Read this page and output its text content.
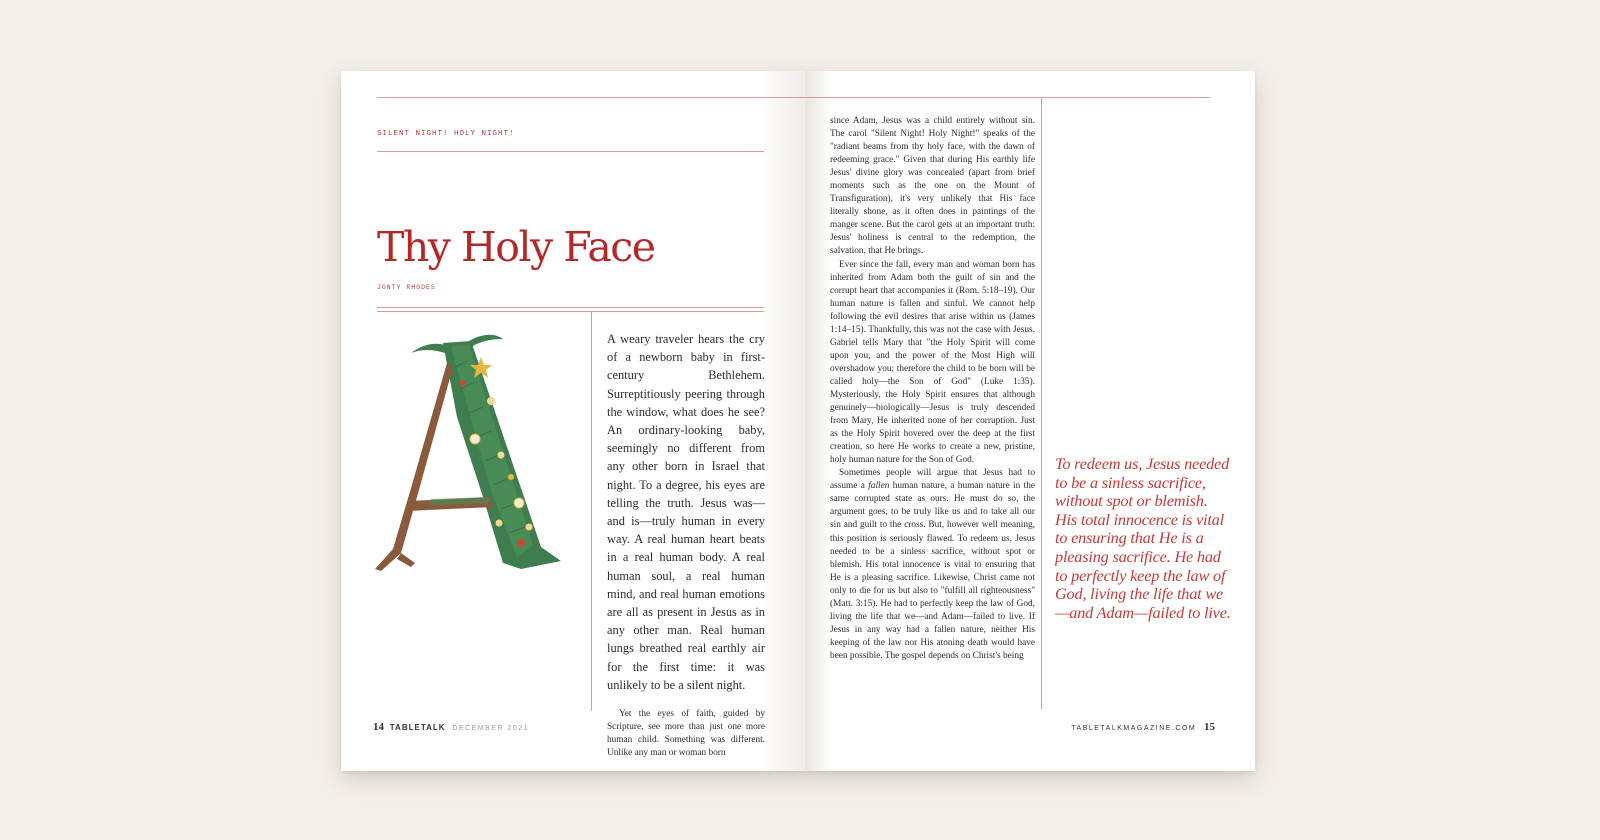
SILENT NIGHT! HOLY NIGHT!
Thy Holy Face
JONTY RHODES

A weary traveler hears the cry of a newborn baby in first-century Bethlehem. Surreptitiously peering through the window, what does he see? An ordinary-looking baby, seemingly no different from any other born in Israel that night. To a degree, his eyes are telling the truth. Jesus was—and is—truly human in every way. A real human heart beats in a real human body. A real human soul, a real human mind, and real human emotions are all as present in Jesus as in any other man. Real human lungs breathed real earthly air for the first time: it was unlikely to be a silent night.

Yet the eyes of faith, guided by Scripture, see more than just one more human child. Something was different. Unlike any man or woman born

14 TABLETALK DECEMBER 2021

since Adam, Jesus was a child entirely without sin. The carol "Silent Night! Holy Night!" speaks of the "radiant beams from thy holy face, with the dawn of redeeming grace." Given that during His earthly life Jesus' divine glory was concealed (apart from brief moments such as the one on the Mount of Transfiguration), it's very unlikely that His face literally shone, as it often does in paintings of the manger scene. But the carol gets at an important truth: Jesus' holiness is central to the redemption, the salvation, that He brings.

Ever since the fall, every man and woman born has inherited from Adam both the guilt of sin and the corrupt heart that accompanies it (Rom. 5:18–19). Our human nature is fallen and sinful. We cannot help following the evil desires that arise within us (James 1:14–15). Thankfully, this was not the case with Jesus. Gabriel tells Mary that "the Holy Spirit will come upon you, and the power of the Most High will overshadow you; therefore the child to be born will be called holy—the Son of God" (Luke 1:35). Mysteriously, the Holy Spirit ensures that although genuinely—biologically—Jesus is truly descended from Mary, He inherited none of her corruption. Just as the Holy Spirit hovered over the deep at the first creation, so here He works to create a new, pristine, holy human nature for the Son of God.

Sometimes people will argue that Jesus had to assume a fallen human nature, a human nature in the same corrupted state as ours. He must do so, the argument goes, to be truly like us and to take all our sin and guilt to the cross. But, however well meaning, this position is seriously flawed. To redeem us, Jesus needed to be a sinless sacrifice, without spot or blemish. His total innocence is vital to ensuring that He is a pleasing sacrifice. Likewise, Christ came not only to die for us but also to "fulfill all righteousness" (Matt. 3:15). He had to perfectly keep the law of God, living the life that we—and Adam—failed to live. If Jesus in any way had a fallen nature, neither His keeping of the law nor His atoning death would have been possible. The gospel depends on Christ's being

To redeem us, Jesus needed to be a sinless sacrifice, without spot or blemish. His total innocence is vital to ensuring that He is a pleasing sacrifice. He had to perfectly keep the law of God, living the life that we—and Adam—failed to live.
TABLETALKMAGAZINE.COM 15
